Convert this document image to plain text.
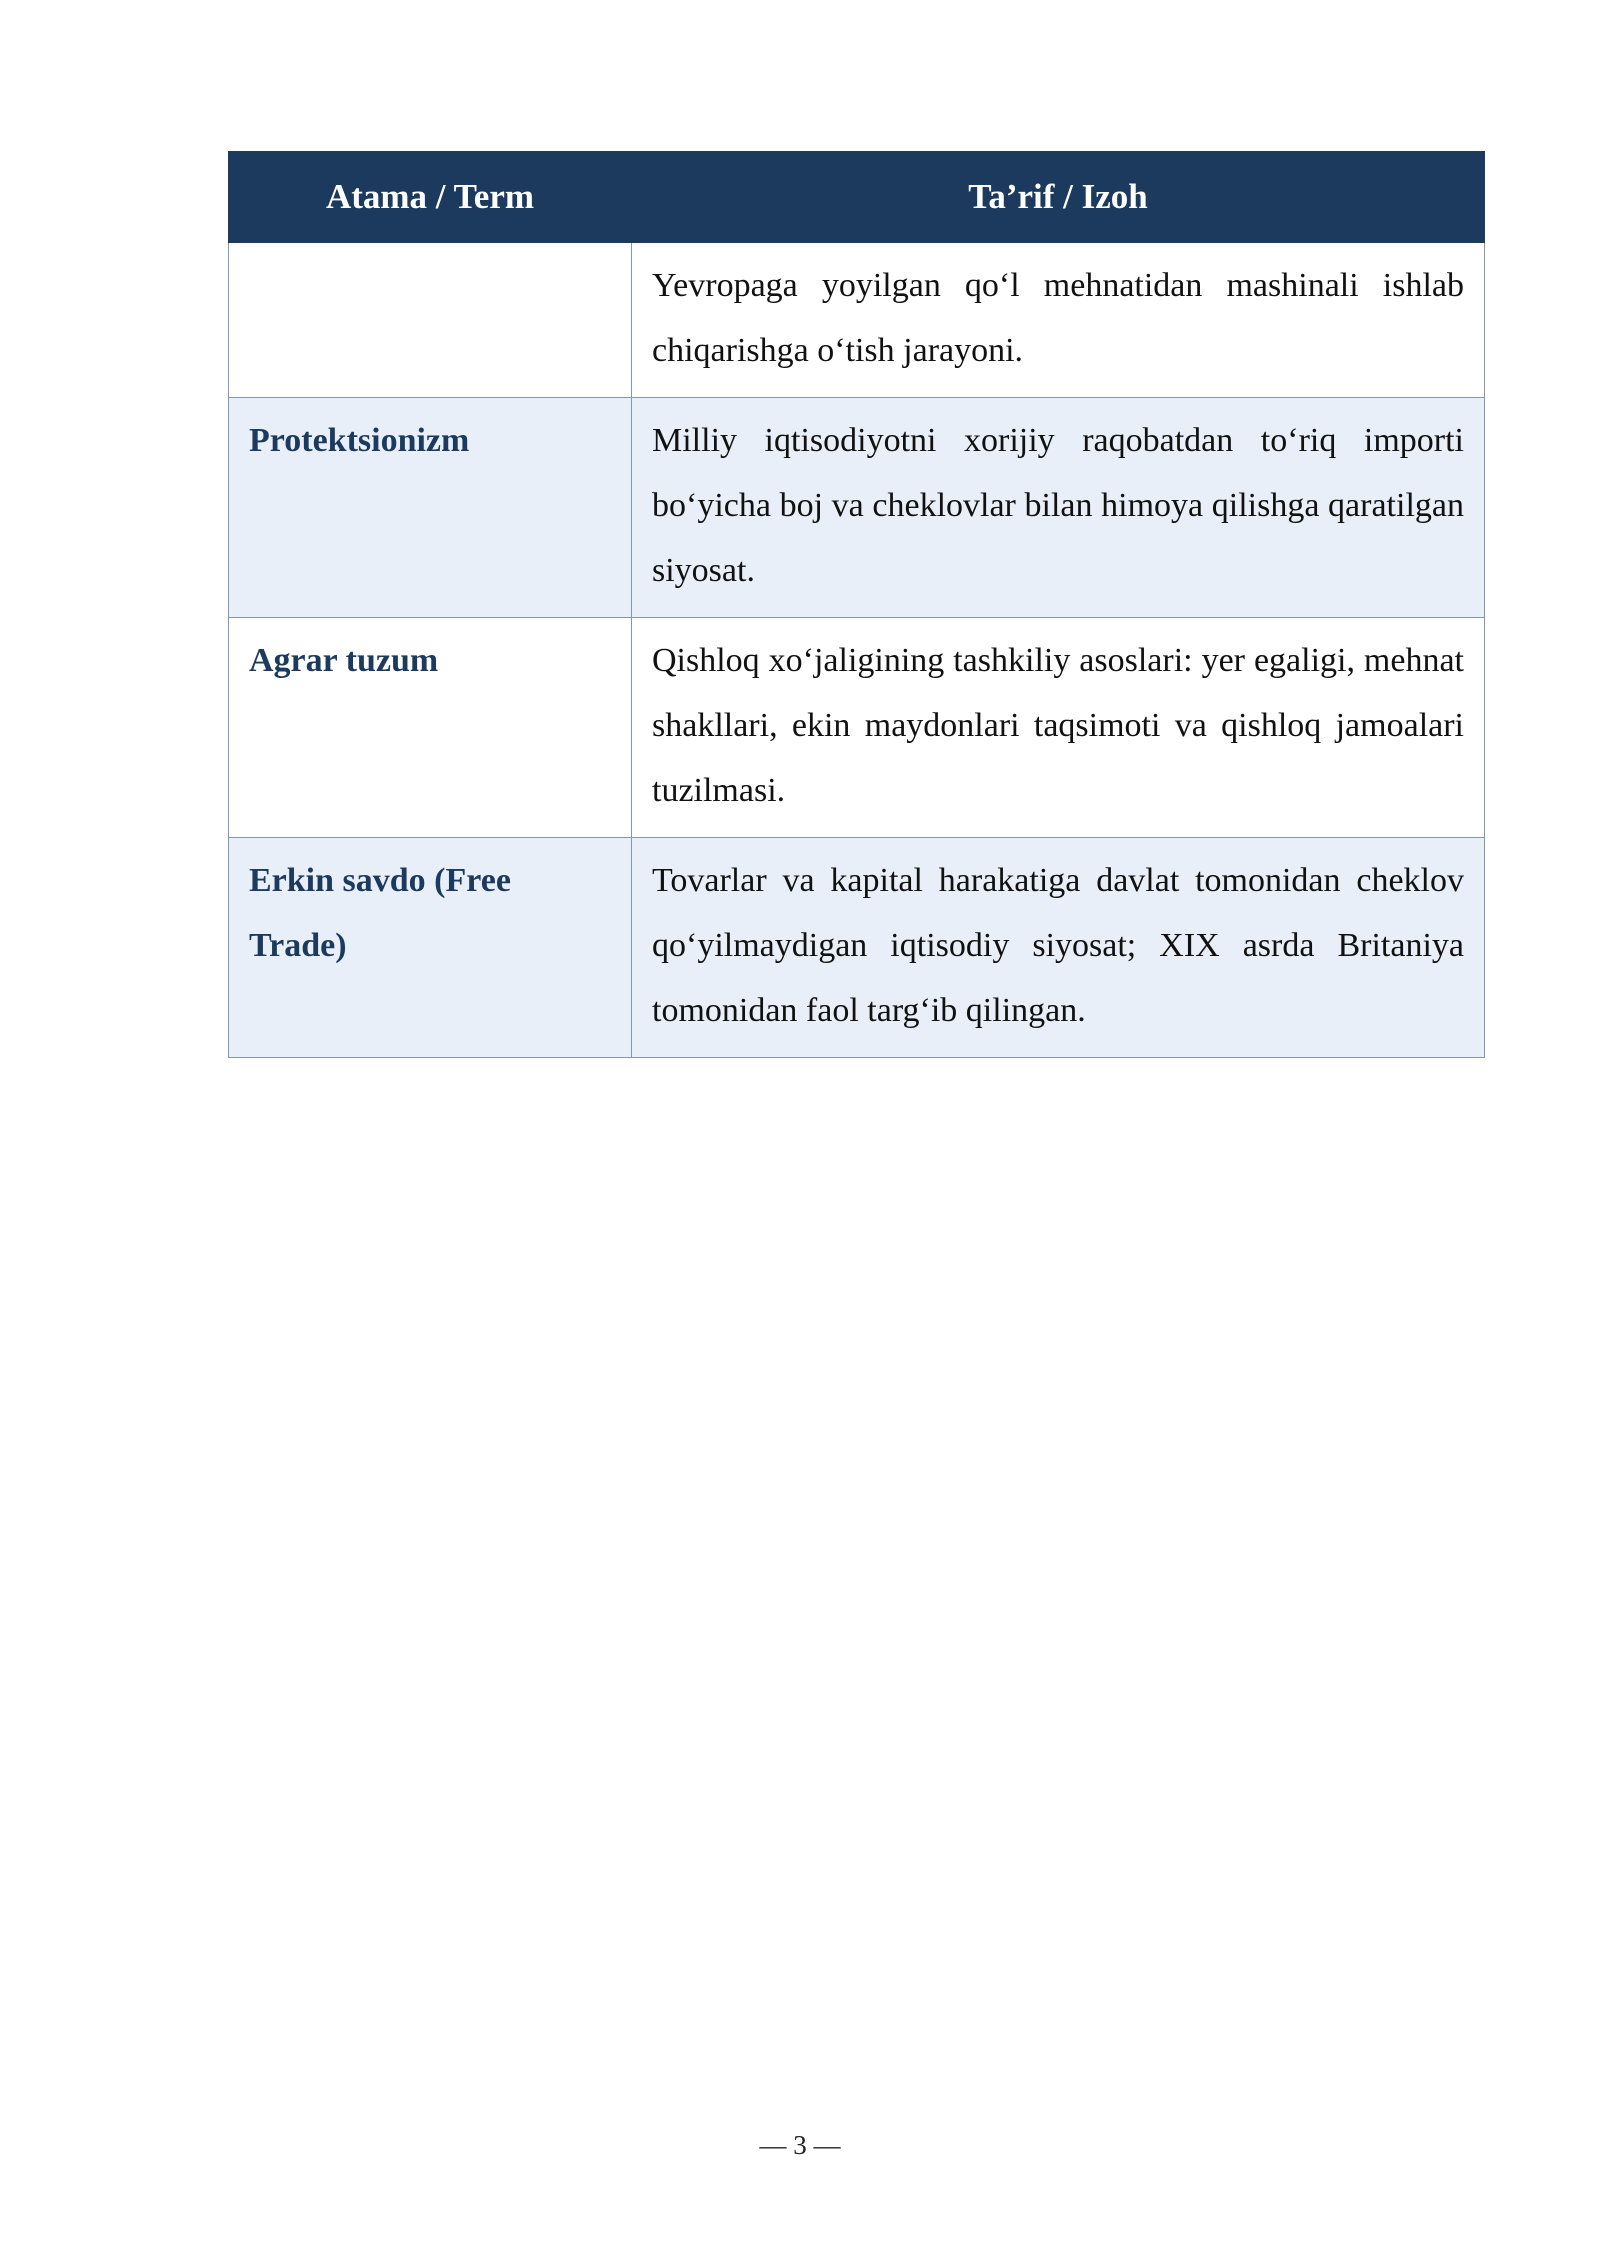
Atama / Term	Ta’rif / Izoh
	Yevropaga yoyilgan qo‘l mehnatidan mashinali ishlab chiqarishga o‘tish jarayoni.
Protektsionizm	Milliy iqtisodiyotni xorijiy raqobatdan to‘riq importi bo‘yicha boj va cheklovlar bilan himoya qilishga qaratilgan siyosat.
Agrar tuzum	Qishloq xo‘jaligining tashkiliy asoslari: yer egaligi, mehnat shakllari, ekin maydonlari taqsimoti va qishloq jamoalari tuzilmasi.
Erkin savdo (Free Trade)	Tovarlar va kapital harakatiga davlat tomonidan cheklov qo‘yilmaydigan iqtisodiy siyosat; XIX asrda Britaniya tomonidan faol targ‘ib qilingan.
— 3 —
